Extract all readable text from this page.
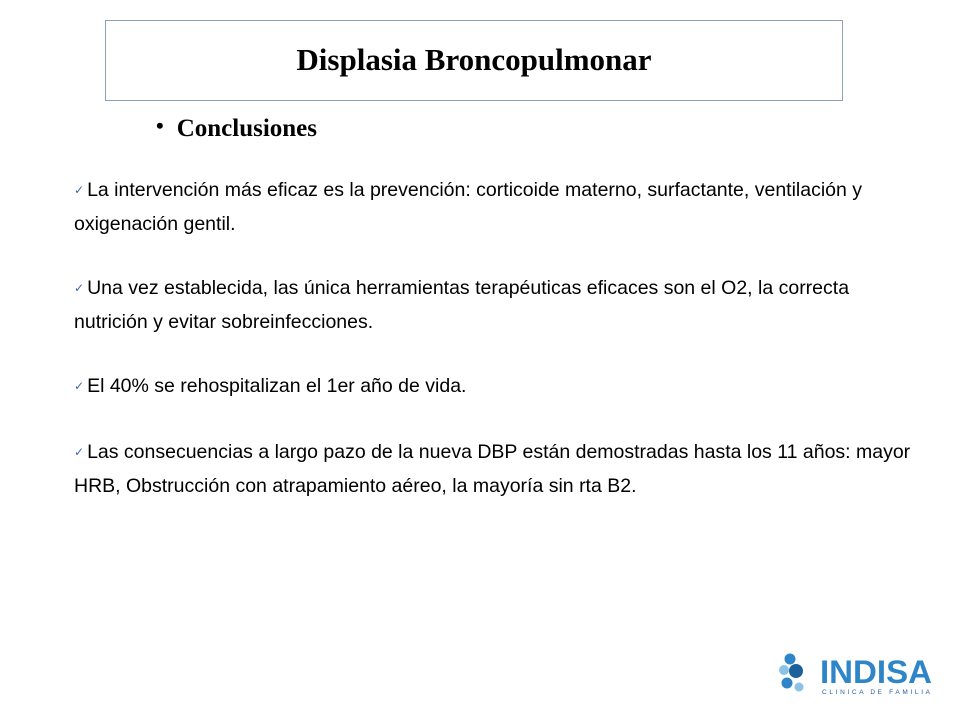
Displasia Broncopulmonar
• Conclusiones

✓ La intervención más eficaz es la prevención: corticoide materno, surfactante, ventilación y oxigenación gentil.

✓ Una vez establecida, las única herramientas terapéuticas eficaces son el O2, la correcta nutrición y evitar sobreinfecciones.

✓ El 40% se rehospitalizan el 1er año de vida.

✓ Las consecuencias a largo pazo de la nueva DBP están demostradas hasta los 11 años: mayor HRB, Obstrucción con atrapamiento aéreo, la mayoría sin rta B2.

INDISA
CLINICA DE FAMILIA
